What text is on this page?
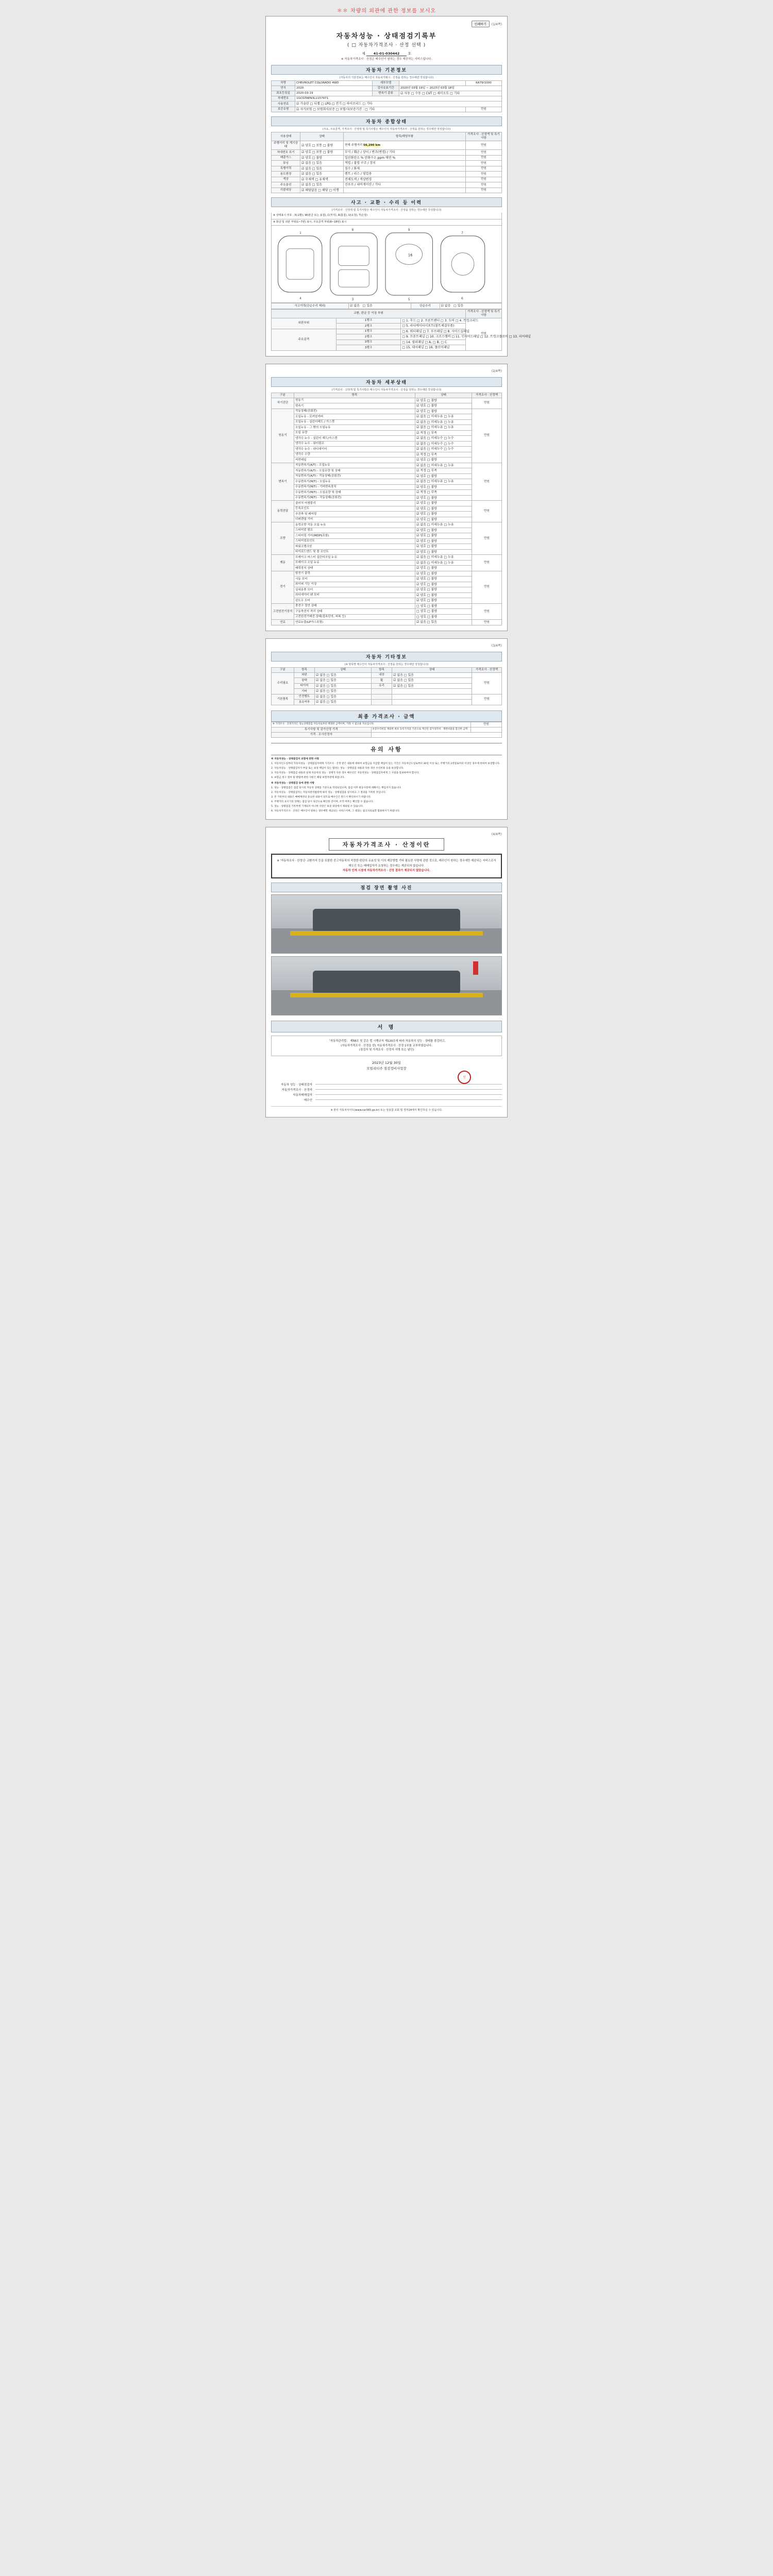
＊＊ 차량의 외관에 관한 정보를 보시오
인쇄하기	(1/4쪽)
자동차성능 · 상태점검기록부
( □ 자동차가격조사 · 산정 선택 )
제 41-01-030442 호
※ 자동차가격조사 · 산정은 매수인이 원하는 경우 제공하는 서비스입니다.
자동차 기본정보
(자동차의 기본정보는 매수인이 자동차거래시 · 산정을 원하는 경우에만 작성합니다)
차명	CHEVROLET COLORADO 4WD	세부모델		KA79/1000
연식	2020	검사유효기간	2020년 03월 19일 ~ 2023년 03월 18일	
최초등록일	2020-03-19	변속기 종류	☑ 자동 □ 수동 □ CVT □ 세미오토 □ 기타	
차대번호	1GCGTAEN3L1157971			
사용연료	☑ 가솔린 □ 디젤 □ LPG □ 전기 □ 하이브리드 □ 기타			
보증유형	☑ 자가보험 □ 보험회사보증 □ 보험사(보증기간 : □ 기타			만원
자동차 종합상태
(주요, 주요골격, 가격조사 · 산정액 및 특기사항은 매수인이 자동차가격조사 · 산정을 원하는 경우에만 작성합니다)
사용상태	상태	항목/해당부품	가격조사 · 산정액 및 특기사항
주행거리 및 계기상태	☑ 양호 □ 보통 □ 불량	현재 주행거리 56,290 km	만원
차대번호 표기	☑ 양호 □ 보통 □ 불량	부식 / 훼손 / 상이 / 변조(변경) / 기타	만원
배출가스	☑ 양호 □ 불량	일산화탄소 % 탄화수소 ppm 매연 %	만원
튜닝	☑ 없음 □ 있음	적법 / 불법 구조 / 장치	만원
특별이력	☑ 없음 □ 있음	침수 / 화재	만원
용도변경	☑ 없음 □ 있음	렌트 / 리스 / 영업용	만원
색상	☑ 무채색 □ 유채색	전체도색 / 색상변경	만원
주요옵션	☑ 없음 □ 있음	선루프 / 내비게이션 / 기타	만원
리콜대상	☑ 해당없음 □ 해당 □ 이행		만원
사고 · 교환 · 수리 등 이력
(가격조사 · 산정액 및 특기사항은 매수인이 자동차가격조사 · 산정을 원하는 경우에만 작성합니다)
※ 상태표시 부호 : X(교환), W(판금 또는 용접), C(부식), A(흠집), U(요철), T(손상)
※ 화살 및 외판 부위(1~7번) 표시, 주요골격 부위(8~18번) 표시
16
1
8	9
7
4	3	5	6
사고이력(단순수리 제외)	☑ 없음   □ 있음	단순수리	☑ 없음   □ 있음
교환, 판금 등 이상 부위			가격조사 · 산정액 및 특기사항
외판부위	1랭크	□ 1. 후드 □ 2. 프론트펜더 □ 3. 도어 □ 4. 트렁크리드	만원
	2랭크	□ 5. 라디에이터서포트(볼트체결부품)	
주요골격	1랭크	□ 6. 쿼터패널 □ 7. 루프패널 □ 8. 사이드실패널	
	2랭크	□ 9. 프론트패널 □ 10. 크로스멤버 □ 11. 인사이드패널 □ 12. 트렁크플로어 □ 13. 리어패널	
	3랭크	□ 14. 필러패널 □ A, □ B, □ C	
	3랭크	□ 15. 대시패널 □ 16. 플로어패널	
(2/4쪽)
자동차 세부상태
(가격조사 · 산정액 및 특기사항은 매수인이 자동차가격조사 · 산정을 원하는 경우에만 작성합니다)
구분	항목	상태	가격조사 · 산정액
자기진단	원동기	☑ 양호 □ 불량	만원
	변속기	☑ 양호 □ 불량	
원동기	작동상태(공회전)	☑ 양호 □ 불량	만원
	오일누유 - 로커암커버	☑ 없음 □ 미세누유 □ 누유	
	오일누유 - 실린더헤드 / 가스켓	☑ 없음 □ 미세누유 □ 누유	
	오일누유 - 그 밖의 오일누유	☑ 없음 □ 미세누유 □ 누유	
	오일 유량	☑ 적정 □ 부족	
	냉각수 누수 - 실린더 헤드/가스켓	☑ 없음 □ 미세누수 □ 누수	
	냉각수 누수 - 워터펌프	☑ 없음 □ 미세누수 □ 누수	
	냉각수 누수 - 라디에이터	☑ 없음 □ 미세누수 □ 누수	
	냉각수 수량	☑ 적정 □ 부족	
	커먼레일	☑ 양호 □ 불량	
변속기	자동변속기(A/T) - 오일누유	☑ 없음 □ 미세누유 □ 누유	만원
	자동변속기(A/T) - 오일유량 및 상태	☑ 적정 □ 부족	
	자동변속기(A/T) - 작동상태(공회전)	☑ 양호 □ 불량	
	수동변속기(M/T) - 오일누유	☑ 없음 □ 미세누유 □ 누유	
	수동변속기(M/T) - 기어변속장치	☑ 양호 □ 불량	
	수동변속기(M/T) - 오일유량 및 상태	☑ 적정 □ 부족	
	수동변속기(M/T) - 작동상태(공회전)	☑ 양호 □ 불량	
동력전달	클러치 어셈블리	☑ 양호 □ 불량	만원
	등속조인트	☑ 양호 □ 불량	
	추진축 및 베어링	☑ 양호 □ 불량	
	디퍼렌셜 기어	☑ 양호 □ 불량	
조향	동력조향 작동 오일 누유	☑ 없음 □ 미세누유 □ 누유	만원
	스티어링 펌프	☑ 양호 □ 불량	
	스티어링 기어(MDPS포함)	☑ 양호 □ 불량	
	스티어링조인트	☑ 양호 □ 불량	
	파워크랭크암	☑ 양호 □ 불량	
	타이로드엔드 및 볼 조인트	☑ 양호 □ 불량	
제동	브레이크 마스터 실린더오일 누유	☑ 없음 □ 미세누유 □ 누유	만원
	브레이크 오일 누유	☑ 없음 □ 미세누유 □ 누유	
	배력장치 상태	☑ 양호 □ 불량	
전기	발전기 출력	☑ 양호 □ 불량	만원
	시동 모터	☑ 양호 □ 불량	
	와이퍼 기능 이상	☑ 양호 □ 불량	
	실내송풍 모터	☑ 양호 □ 불량	
	라디에이터 팬 모터	☑ 양호 □ 불량	
	윈도우 모터	☑ 양호 □ 불량	
고전원전기장치	충전구 절연 상태	□ 양호 □ 불량	만원
	구동축전지 격리 상태	□ 양호 □ 불량	
	고전원전기배선 상태(접속단자, 피복 등)	□ 양호 □ 불량	
연료	연료누출(LP가스포함)	☑ 없음 □ 있음	만원
(3/4쪽)
자동차 기타정보
(※ 항목별 매수인이 자동차가격조사 · 산정을 원하는 경우에만 작성합니다)
구분	항목	상태	항목	상태	가격조사 · 산정액
수리필요	외판	☑ 없음 □ 있음	내장	☑ 없음 □ 있음	만원
	광택	☑ 없음 □ 있음	휠	☑ 없음 □ 있음	
	타이어	☑ 없음 □ 있음	유리	☑ 없음 □ 있음	
	기타	☑ 없음 □ 있음			
기본품목	안전벨트	☑ 없음 □ 있음			만원
	보유여부	☑ 없음 □ 있음			
최종 가격조사 · 금액
※ 가격조사 · 산정가격은 성능상태점검 자동차로부터 책정한 금액이며, 거래 시 참고용 자료입니다.		만원
특기사항 및 감가산정 가격	보증수리비를 제외한 최초 등록가격을 기준으로 계산된 감가상각비 · 제반비용을 합산한 금액	
가격 · 조사산정자		
유의 사항

※ 자동차성능 · 상태점검자 보험에 관한 사항

1. 자동차인도일부터 자동차성능 · 상태점검자에게 가격조사 · 산정 받은 내용에 대하여 보험금을 지급할 책임이 있는 기간은 자동차인도일로부터 30일 이상 또는 주행거리 2천킬로미터 이상인 경우에 한하여 보장합니다.

2. 자동차성능 · 상태점검자가 부담 또는 보상 책임이 있는 범위는 성능 · 상태점검 내용과 다른 경우 수리비용 등을 보상합니다.

3. 자동차성능 · 상태점검 내용과 실제 자동차의 성능 · 상태가 다른 경우 매수인은 자동차성능 · 상태점검자에게 그 사실을 통보하여야 합니다.

4. 보험금 청구 절차 및 방법에 관한 사항은 해당 보험약관에 따릅니다.

※ 자동차성능 · 상태점검 등에 관한 사항

1. 성능 · 상태점검은 점검 당시의 자동차 상태를 기준으로 작성되었으며, 점검 이후 변동사항에 대해서는 책임지지 않습니다.

2. 자동차성능 · 상태점검자는 자동차관리법령에 따라 성능 · 상태점검을 실시하고 그 결과를 기록한 것입니다.

3. 본 기록부의 내용은 매매계약의 중요한 내용이 되므로 매수인은 반드시 확인하시기 바랍니다.

4. 주행거리 표시기의 상태는 점검 당시 육안으로 확인한 것이며, 조작 여부는 확인할 수 없습니다.

5. 성능 · 상태점검 기록부에 기재되지 아니한 사항은 보증 대상에서 제외될 수 있습니다.

6. 자동차가격조사 · 산정은 매수인이 원하는 경우에만 제공되는 서비스이며, 그 결과는 참고자료로만 활용하시기 바랍니다.

(4/4쪽)
자동차가격조사 · 산정이란
※ '자동차조사 · 산정'은 교환가치 등을 포함한 중고자동차의 적정한 판단의 유효성 및 이의 제공방법 기타 필요한 사항에 관한 것으로, 매수인이 원하는 경우에만 제공되는 서비스로서 매도인 또는 매매업자가 요청하는 경우에는 제공되지 않습니다.
자동차 인계 시점에 자동차가격조사 · 산정 결과가 제공되지 않았습니다.
점검 장면 촬영 사진
서 명
「자동차관리법」 제58조 및 같은 법 시행규칙 제120조에 따라 자동차의 성능 · 상태를 점검하고,
(자동차가격조사 · 산정을 한) 자동차가격조사 · 산정 1부를 교부하였습니다.
(점검자 및 가격조사 · 산정자 서명 또는 날인)
2023년 12월 30일
모빌리티주 점검정비사업장
인
자동차 성능 · 상태점검자
자동차가격조사 · 산정자
자동차매매업자
매수인
※ 본사 자동차사이트(www.car365.go.kr) 또는 상용참 조회 및 정부24에서 확인하실 수 있습니다.
